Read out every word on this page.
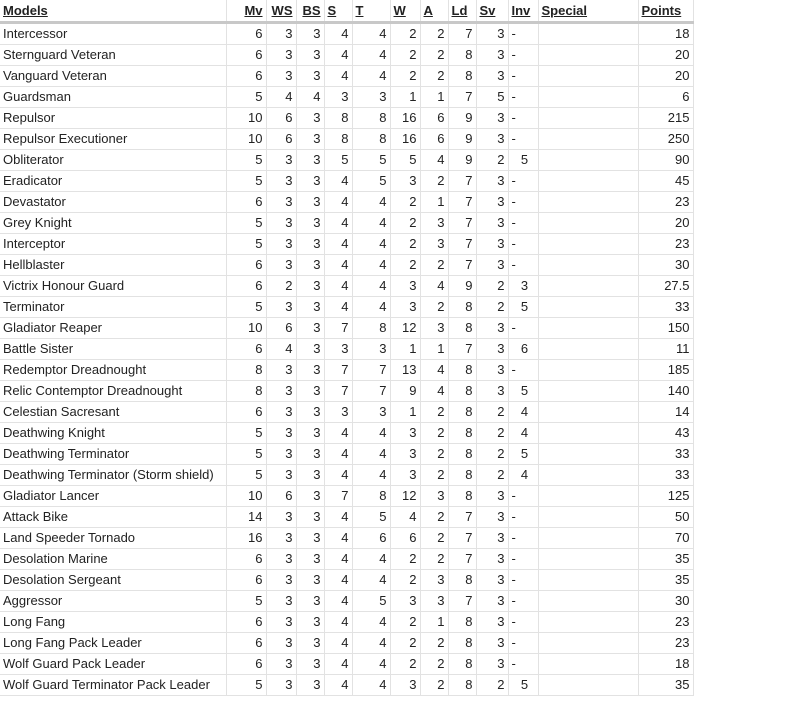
Models	Mv	WS	BS	S	T	W	A	Ld	Sv	Inv	Special	Points
Intercessor	6	3	3	4	4	2	2	7	3	-		18
Sternguard Veteran	6	3	3	4	4	2	2	8	3	-		20
Vanguard Veteran	6	3	3	4	4	2	2	8	3	-		20
Guardsman	5	4	4	3	3	1	1	7	5	-		6
Repulsor	10	6	3	8	8	16	6	9	3	-		215
Repulsor Executioner	10	6	3	8	8	16	6	9	3	-		250
Obliterator	5	3	3	5	5	5	4	9	2	5		90
Eradicator	5	3	3	4	5	3	2	7	3	-		45
Devastator	6	3	3	4	4	2	1	7	3	-		23
Grey Knight	5	3	3	4	4	2	3	7	3	-		20
Interceptor	5	3	3	4	4	2	3	7	3	-		23
Hellblaster	6	3	3	4	4	2	2	7	3	-		30
Victrix Honour Guard	6	2	3	4	4	3	4	9	2	3		27.5
Terminator	5	3	3	4	4	3	2	8	2	5		33
Gladiator Reaper	10	6	3	7	8	12	3	8	3	-		150
Battle Sister	6	4	3	3	3	1	1	7	3	6		11
Redemptor Dreadnought	8	3	3	7	7	13	4	8	3	-		185
Relic Contemptor Dreadnought	8	3	3	7	7	9	4	8	3	5		140
Celestian Sacresant	6	3	3	3	3	1	2	8	2	4		14
Deathwing Knight	5	3	3	4	4	3	2	8	2	4		43
Deathwing Terminator	5	3	3	4	4	3	2	8	2	5		33
Deathwing Terminator (Storm shield)	5	3	3	4	4	3	2	8	2	4		33
Gladiator Lancer	10	6	3	7	8	12	3	8	3	-		125
Attack Bike	14	3	3	4	5	4	2	7	3	-		50
Land Speeder Tornado	16	3	3	4	6	6	2	7	3	-		70
Desolation Marine	6	3	3	4	4	2	2	7	3	-		35
Desolation Sergeant	6	3	3	4	4	2	3	8	3	-		35
Aggressor	5	3	3	4	5	3	3	7	3	-		30
Long Fang	6	3	3	4	4	2	1	8	3	-		23
Long Fang Pack Leader	6	3	3	4	4	2	2	8	3	-		23
Wolf Guard Pack Leader	6	3	3	4	4	2	2	8	3	-		18
Wolf Guard Terminator Pack Leader	5	3	3	4	4	3	2	8	2	5		35
